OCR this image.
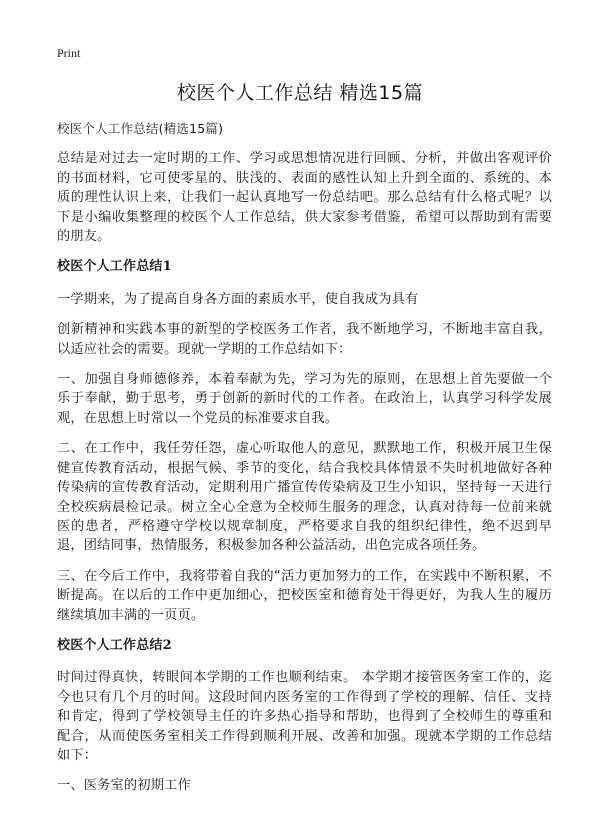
Print
校医个人工作总结 精选15篇

校医个人工作总结(精选15篇)

总结是对过去一定时期的工作、学习或思想情况进行回顾、分析，并做出客观评价的书面材料，它可使零星的、肤浅的、表面的感性认知上升到全面的、系统的、本质的理性认识上来，让我们一起认真地写一份总结吧。那么总结有什么格式呢？以下是小编收集整理的校医个人工作总结，供大家参考借鉴，希望可以帮助到有需要的朋友。

校医个人工作总结1

一学期来，为了提高自身各方面的素质水平，使自我成为具有

创新精神和实践本事的新型的学校医务工作者，我不断地学习，不断地丰富自我，以适应社会的需要。现就一学期的工作总结如下：

一、加强自身师德修养，本着奉献为先，学习为先的原则，在思想上首先要做一个乐于奉献，勤于思考，勇于创新的新时代的工作者。在政治上，认真学习科学发展观，在思想上时常以一个党员的标准要求自我。

二、在工作中，我任劳任怨，虚心听取他人的意见，默默地工作，积极开展卫生保健宣传教育活动，根据气候、季节的变化，结合我校具体情景不失时机地做好各种传染病的宣传教育活动，定期利用广播宣传传染病及卫生小知识，坚持每一天进行全校疾病晨检记录。树立全心全意为全校师生服务的理念，认真对待每一位前来就医的患者，严格遵守学校以规章制度，严格要求自我的组织纪律性，绝不迟到早退，团结同事，热情服务，积极参加各种公益活动，出色完成各项任务。

三、在今后工作中，我将带着自我的“活力更加努力的工作，在实践中不断积累，不断提高。在以后的工作中更加细心，把校医室和德育处干得更好，为我人生的履历继续填加丰满的一页页。

校医个人工作总结2

时间过得真快，转眼间本学期的工作也顺利结束。 本学期才接管医务室工作的，迄今也只有几个月的时间。这段时间内医务室的工作得到了学校的理解、信任、支持和肯定，得到了学校领导主任的许多热心指导和帮助，也得到了全校师生的尊重和配合，从而使医务室相关工作得到顺利开展、改善和加强。现就本学期的工作总结如下：

一、医务室的初期工作
